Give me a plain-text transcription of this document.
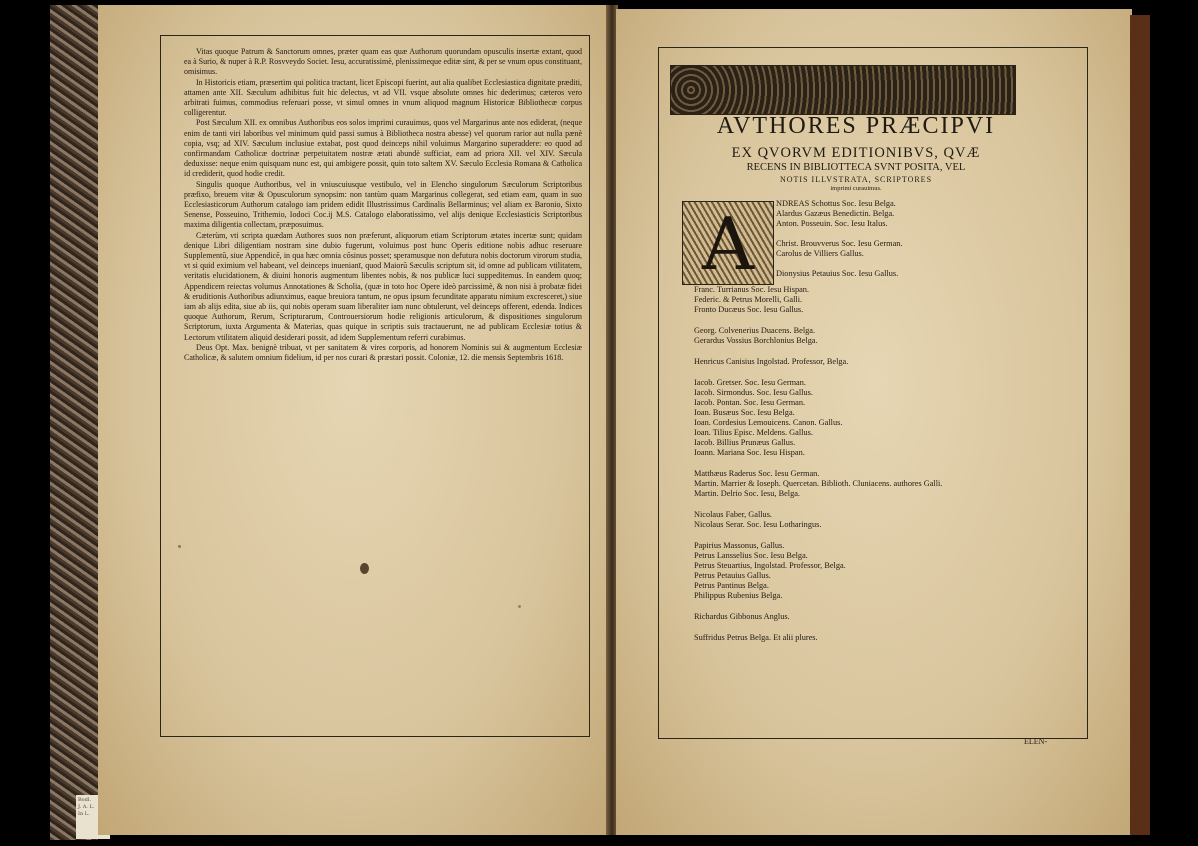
Bodl.
J. A. L.
In L.

Vitas quoque Patrum & Sanctorum omnes, præter quam eas quæ Authorum quorundam opusculis insertæ extant, quod ea à Surio, & nuper à R.P. Rosvveydo Societ. Iesu, accuratissimè, plenissimeque editæ sint, & per se vnum opus constituant, omisimus.

In Historicis etiam, præsertim qui politica tractant, licet Episcopi fuerint, aut alia qualibet Ecclesiastica dignitate præditi, attamen ante XII. Sæculum adhibitus fuit hic delectus, vt ad VII. vsque absolute omnes hic dederimus; cæteros vero arbitrati fuimus, commodius referuari posse, vt simul omnes in vnum aliquod magnum Historicæ Bibliothecæ corpus colligerentur.

Post Sæculum XII. ex omnibus Authoribus eos solos imprimi curauimus, quos vel Margarinus ante nos ediderat, (neque enim de tanti viri laboribus vel minimum quid passi sumus à Bibliotheca nostra abesse) vel quorum rarior aut nulla pænè copia, vsq; ad XIV. Sæculum inclusiue extabat, post quod deinceps nihil voluimus Margarino superaddere: eo quod ad confirmandam Catholicæ doctrinæ perpetuitatem nostræ ætati abundè sufficiat, eam ad priora XII. vel XIV. Sæcula deduxisse: neque enim quisquam nunc est, qui ambigere possit, quin toto saltem XV. Sæculo Ecclesia Romana & Catholica id crediderit, quod hodie credit.

Singulis quoque Authoribus, vel in vniuscuiusque vestibulo, vel in Elencho singulorum Sæculorum Scriptoribus præfixo, breuem vitæ & Opusculorum synopsim: non tantùm quam Margarinus collegerat, sed etiam eam, quam in suo Ecclesiasticorum Authorum catalogo iam pridem edidit Illustrissimus Cardinalis Bellarminus; vel aliam ex Baronio, Sixto Senense, Posseuino, Trithemio, Iodoci Coc.ij M.S. Catalogo elaboratissimo, vel alijs denique Ecclesiasticis Scriptoribus maxima diligentia collectam, præposuimus.

Cæterùm, vti scripta quædam Authores suos non præferunt, aliquorum etiam Scriptorum ætates incertæ sunt; quidam denique Libri diligentiam nostram sine dubio fugerunt, voluimus post hunc Operis editione nobis adhuc reseruare Supplementū, siue Appendicē, in qua hæc omnia cōsinus posset; speramusque non defutura nobis doctorum virorum studia, vt si quid eximium vel habeant, vel deinceps inuenianī, quod Maiorū Sæculis scriptum sit, id omne ad publicam vtilitatem, veritatis elucidationem, & diuini honoris augmentum libentes nobis, & nos publicæ luci suppeditemus. In eandem quoq; Appendicem reiectas volumus Annotationes & Scholia, (quæ in toto hoc Opere ideò parcissimè, & non nisi à probatæ fidei & eruditionis Authoribus adiunximus, eaque breuiora tantum, ne opus ipsum fecunditate apparatu nimium excresceret,) siue iam ab alijs edita, siue ab iis, qui nobis operam suam liberaliter iam nunc obtulerunt, vel deinceps offerent, edenda. Indices quoque Authorum, Rerum, Scripturarum, Controuersiorum hodie religionis articulorum, & dispositiones singulorum Scriptorum, iuxta Argumenta & Materias, quas quique in scriptis suis tractauerunt, ne ad publicam Ecclesiæ totius & Lectorum vtilitatem aliquid desiderari possit, ad idem Supplementum referri curabimus.

Deus Opt. Max. benignè tribuat, vt per sanitatem & vires corporis, ad honorem Nominis sui & augmentum Ecclesiæ Catholicæ, & salutem omnium fidelium, id per nos curari & præstari possit. Coloniæ, 12. die mensis Septembris 1618.

AVTHORES PRÆCIPVI
EX QVORVM EDITIONIBVS, QVÆ
RECENS IN BIBLIOTTECA SVNT POSITA, VEL
NOTIS ILLVSTRATA, SCRIPTORES
imprimi curauimus.
A	NDREAS Schottus Soc. Iesu Belga.
Alardus Gazæus Benedictin. Belga.
Anton. Posseuin. Soc. Iesu Italus.
Christ. Brouvverus Soc. Iesu German.
Carolus de Villiers Gallus.
Dionysius Petauius Soc. Iesu Gallus.
Franc. Turrianus Soc. Iesu Hispan.
Federic. & Petrus Morelli, Galli.
Fronto Ducæus Soc. Iesu Gallus.
Georg. Colvenerius Duacens. Belga.
Gerardus Vossius Borchlonius Belga.
Henricus Canisius Ingolstad. Professor, Belga.
Iacob. Gretser. Soc. Iesu German.
Iacob. Sirmondus. Soc. Iesu Gallus.
Iacob. Pontan. Soc. Iesu German.
Ioan. Busæus Soc. Iesu Belga.
Ioan. Cordesius Lemouicens. Canon. Gallus.
Ioan. Tilius Episc. Meldens. Gallus.
Iacob. Billius Prunæus Gallus.
Ioann. Mariana Soc. Iesu Hispan.
Matthæus Raderus Soc. Iesu German.
Martin. Marrier & Ioseph. Quercetan. Biblioth. Cluniacens. authores Galli.
Martin. Delrio Soc. Iesu, Belga.
Nicolaus Faber, Gallus.
Nicolaus Serar. Soc. Iesu Lotharingus.
Papirius Massonus, Gallus.
Petrus Lansselius Soc. Iesu Belga.
Petrus Steuartius, Ingolstad. Professor, Belga.
Petrus Petauius Gallus.
Petrus Pantinus Belga.
Philippus Rubenius Belga.
Richardus Gibbonus Anglus.
Suffridus Petrus Belga. Et alii plures.
ELEN-
